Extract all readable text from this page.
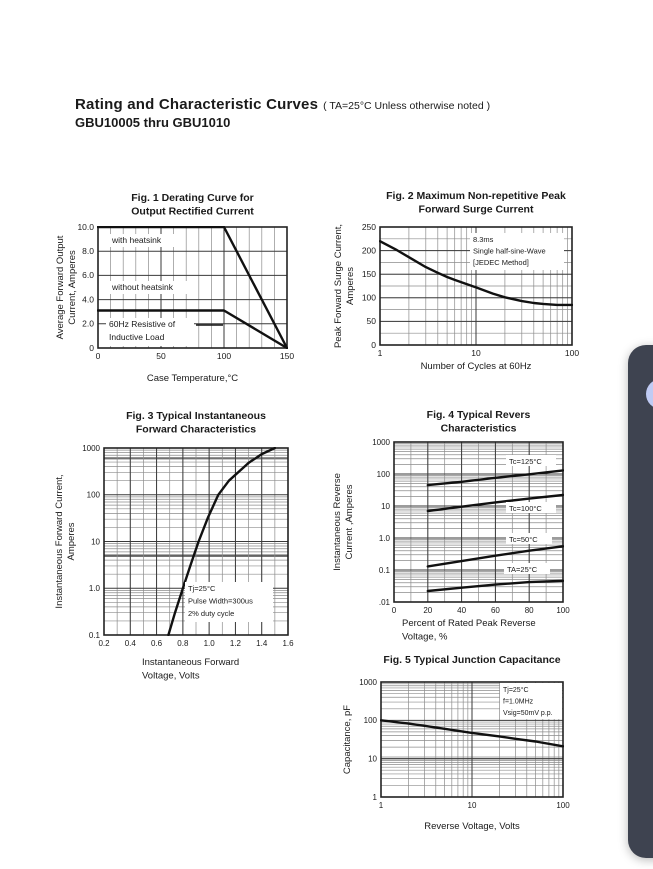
Rating and Characteristic Curves ( TA=25°C Unless otherwise noted )
GBU10005 thru GBU1010
0	50	100	150
10.0
8.0
6.0
4.0
2.0
0
Fig. 1 Derating Curve for
Output Rectified Current
Case Temperature,°C
Average Forward Output Current, Amperes
with heatsink
without heatsink
60Hz Resistive of
Inductive Load
1	10	100
250
200
150
100
50
0
Fig. 2 Maximum Non-repetitive Peak
Forward Surge Current
Number of Cycles at 60Hz
Peak Forward Surge Current, Amperes
8.3ms
Single half-sine-Wave
[JEDEC Method]
0.2 0.4 0.6 0.8 1.0 1.2 1.4 1.6
1000
100
10
1.0
0.1
Fig. 3 Typical Instantaneous
Forward Characteristics
Instantaneous Forward
Voltage, Volts
Instantaneous Forward Current, Amperes
Tj=25°C
Pulse Width=300us
2% duty cycle	0	20	40	60	80	100
1000
100
10
1.0
0.1
.01
Fig. 4 Typical Revers
Characteristics
Percent of Rated Peak Reverse
Voltage, %
Instantaneous Reverse Current ,Amperes
Tc=125°C
Tc=100°C
Tc=50°C
TA=25°C
1	10	100
1000
100
10
1
Fig. 5 Typical Junction Capacitance
Reverse Voltage, Volts
Capacitance, pF
Tj=25°C
f=1.0MHz
Vsig=50mV p.p.
